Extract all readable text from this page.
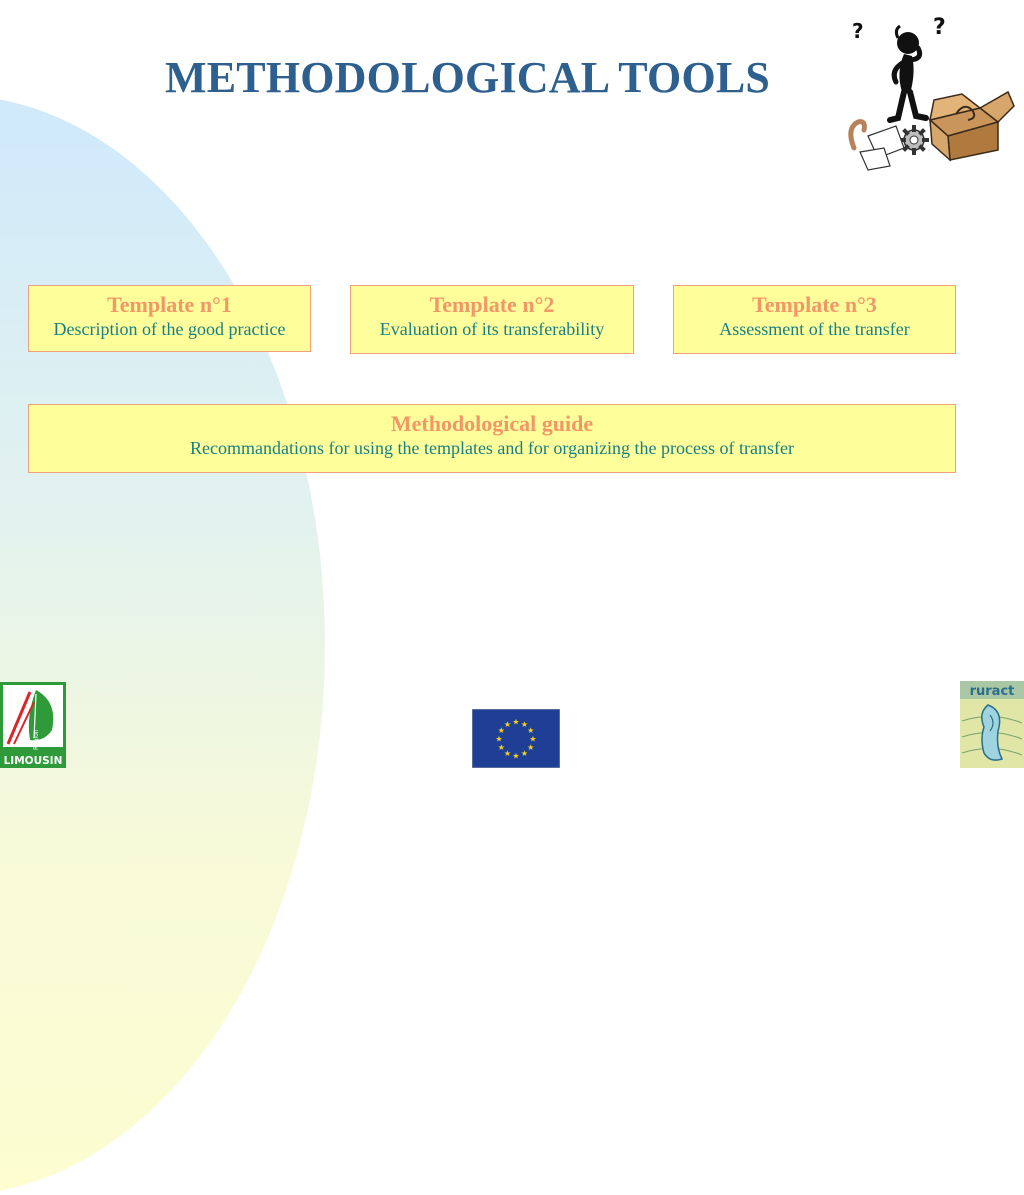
METHODOLOGICAL TOOLS
?	?
Template n°1
Description of the good practice
Template n°2
Evaluation of its transferability
Template n°3
Assessment of the transfer
Methodological guide
Recommandations for using the templates and for organizing the process of transfer
Région
LIMOUSIN
★ ★
★
★
★
★
★
★
★
★
★
★
ruract
